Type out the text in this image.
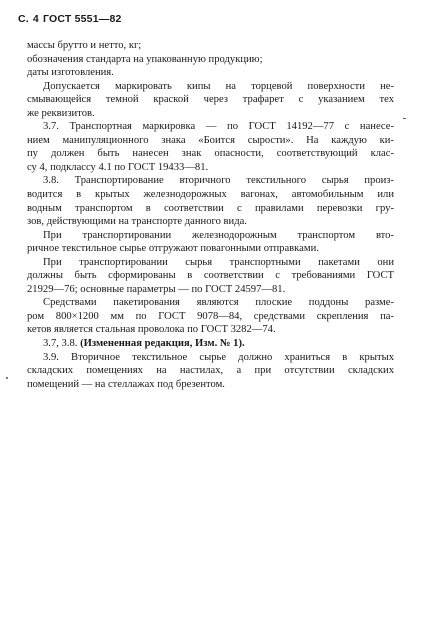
С. 4 ГОСТ 5551—82
массы брутто и нетто, кг;
обозначения стандарта на упакованную продукцию;
даты изготовления.
Допускается маркировать кипы на торцевой поверхности не-
смывающейся темной краской через трафарет с указанием тех
же реквизитов.
3.7. Транспортная маркировка — по ГОСТ 14192—77 с нанесе-
нием манипуляционного знака «Боится сырости». На каждую ки-
пу должен быть нанесен знак опасности, соответствующий клас-
су 4, подклассу 4.1 по ГОСТ 19433—81.
3.8. Транспортирование вторичного текстильного сырья произ-
водится в крытых железнодорожных вагонах, автомобильным или
водным транспортом в соответствии с правилами перевозки гру-
зов, действующими на транспорте данного вида.
При транспортировании железнодорожным транспортом вто-
ричное текстильное сырье отгружают повагонными отправками.
При транспортировании сырья транспортными пакетами они
должны быть сформированы в соответствии с требованиями ГОСТ
21929—76; основные параметры — по ГОСТ 24597—81.
Средствами пакетирования являются плоские поддоны разме-
ром 800×1200 мм по ГОСТ 9078—84, средствами скрепления па-
кетов является стальная проволока по ГОСТ 3282—74.
3.7, 3.8. (Измененная редакция, Изм. № 1).
3.9. Вторичное текстильное сырье должно храниться в крытых
складских помещениях на настилах, а при отсутствии складских
помещений — на стеллажах под брезентом.
